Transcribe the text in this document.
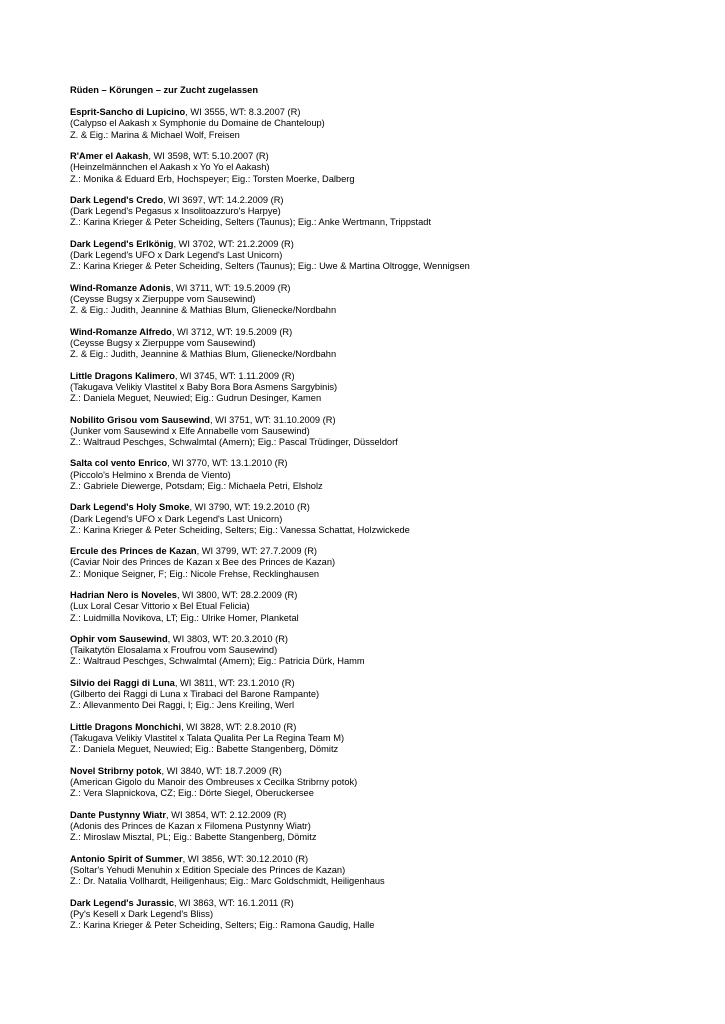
Rüden – Körungen – zur Zucht zugelassen
Esprit-Sancho di Lupicino, WI 3555, WT: 8.3.2007 (R)
(Calypso el Aakash x Symphonie du Domaine de Chanteloup)
Z. & Eig.: Marina & Michael Wolf, Freisen
R'Amer el Aakash, WI 3598, WT: 5.10.2007 (R)
(Heinzelmännchen el Aakash x Yo Yo el Aakash)
Z.: Monika & Eduard Erb, Hochspeyer; Eig.: Torsten Moerke, Dalberg
Dark Legend's Credo, WI 3697, WT: 14.2.2009 (R)
(Dark Legend's Pegasus x Insolitoazzuro's Harpye)
Z.: Karina Krieger & Peter Scheiding, Selters (Taunus); Eig.: Anke Wertmann, Trippstadt
Dark Legend's Erlkönig, WI 3702, WT: 21.2.2009 (R)
(Dark Legend's UFO x Dark Legend's Last Unicorn)
Z.: Karina Krieger & Peter Scheiding, Selters (Taunus); Eig.: Uwe & Martina Oltrogge, Wennigsen
Wind-Romanze Adonis, WI 3711, WT: 19.5.2009 (R)
(Ceysse Bugsy x Zierpuppe vom Sausewind)
Z. & Eig.: Judith, Jeannine & Mathias Blum, Glienecke/Nordbahn
Wind-Romanze Alfredo, WI 3712, WT: 19.5.2009 (R)
(Ceysse Bugsy x Zierpuppe vom Sausewind)
Z. & Eig.: Judith, Jeannine & Mathias Blum, Glienecke/Nordbahn
Little Dragons Kalimero, WI 3745, WT: 1.11.2009 (R)
(Takugava Velikiy Vlastitel x Baby Bora Bora Asmens Sargybinis)
Z.: Daniela Meguet, Neuwied; Eig.: Gudrun Desinger, Kamen
Nobilito Grisou vom Sausewind, WI 3751, WT: 31.10.2009 (R)
(Junker vom Sausewind x Elfe Annabelle vom Sausewind)
Z.: Waltraud Peschges, Schwalmtal (Amern); Eig.: Pascal Trüdinger, Düsseldorf
Salta col vento Enrico, WI 3770, WT: 13.1.2010 (R)
(Piccolo's Helmino x Brenda de Viento)
Z.: Gabriele Diewerge, Potsdam; Eig.: Michaela Petri, Elsholz
Dark Legend's Holy Smoke, WI 3790, WT: 19.2.2010 (R)
(Dark Legend's UFO x Dark Legend's Last Unicorn)
Z.: Karina Krieger & Peter Scheiding, Selters; Eig.: Vanessa Schattat, Holzwickede
Ercule des Princes de Kazan, WI 3799, WT: 27.7.2009 (R)
(Caviar Noir des Princes de Kazan x Bee des Princes de Kazan)
Z.: Monique Seigner, F; Eig.: Nicole Frehse, Recklinghausen
Hadrian Nero is Noveles, WI 3800, WT: 28.2.2009 (R)
(Lux Loral Cesar Vittorio x Bel Etual Felicia)
Z.: Luidmilla Novikova, LT; Eig.: Ulrike Homer, Planketal
Ophir vom Sausewind, WI 3803, WT: 20.3.2010 (R)
(Taikatytön Elosalama x Froufrou vom Sausewind)
Z.: Waltraud Peschges, Schwalmtal (Amern); Eig.: Patricia Dürk, Hamm
Silvio dei Raggi di Luna, WI 3811, WT: 23.1.2010 (R)
(Gilberto dei Raggi di Luna x Tirabaci del Barone Rampante)
Z.: Allevanmento Dei Raggi, I; Eig.: Jens Kreiling, Werl
Little Dragons Monchichi, WI 3828, WT: 2.8.2010 (R)
(Takugava Velikiy Vlastitel x Talata Qualita Per La Regina Team M)
Z.: Daniela Meguet, Neuwied; Eig.: Babette Stangenberg, Dömitz
Novel Stribrny potok, WI 3840, WT: 18.7.2009 (R)
(American Gigolo du Manoir des Ombreuses x Cecilka Stribrny potok)
Z.: Vera Slapnickova, CZ; Eig.: Dörte Siegel, Oberuckersee
Dante Pustynny Wiatr, WI 3854, WT: 2.12.2009 (R)
(Adonis des Princes de Kazan x Filomena Pustynny Wiatr)
Z.: Miroslaw Misztal, PL; Eig.: Babette Stangenberg, Dömitz
Antonio Spirit of Summer, WI 3856, WT: 30.12.2010 (R)
(Soltar's Yehudi Menuhin x Edition Speciale des Princes de Kazan)
Z.: Dr. Natalia Vollhardt, Heiligenhaus; Eig.: Marc Goldschmidt, Heiligenhaus
Dark Legend's Jurassic, WI 3863, WT: 16.1.2011 (R)
(Py's Kesell x Dark Legend's Bliss)
Z.: Karina Krieger & Peter Scheiding, Selters; Eig.: Ramona Gaudig, Halle
